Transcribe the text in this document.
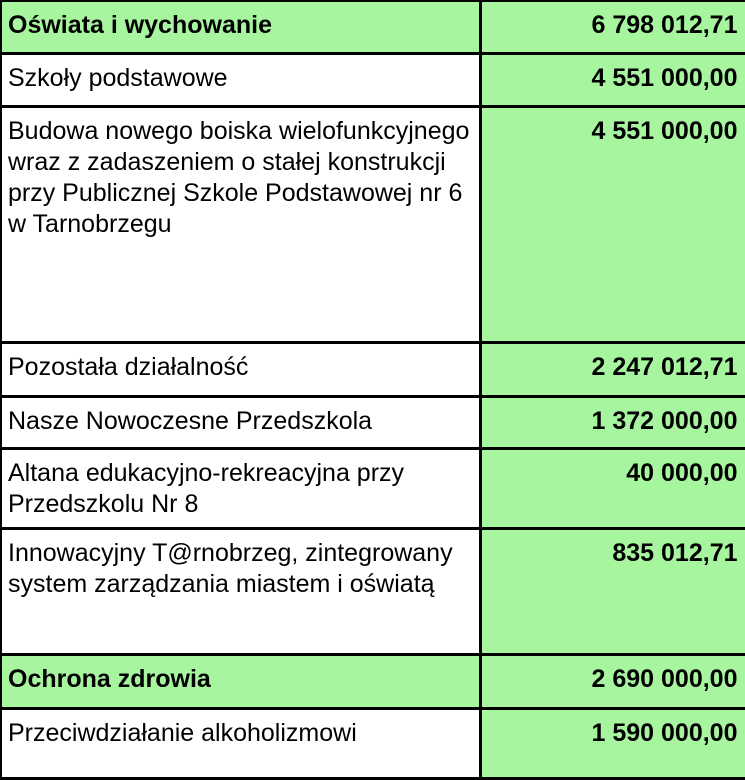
Oświata i wychowanie	6 798 012,71
Szkoły podstawowe	4 551 000,00
Budowa nowego boiska wielofunkcyjnego wraz z zadaszeniem o stałej konstrukcji przy Publicznej Szkole Podstawowej nr 6 w Tarnobrzegu	4 551 000,00
Pozostała działalność	2 247 012,71
Nasze Nowoczesne Przedszkola	1 372 000,00
Altana edukacyjno-rekreacyjna przy Przedszkolu Nr 8	40 000,00
Innowacyjny T@rnobrzeg, zintegrowany system zarządzania miastem i oświatą	835 012,71
Ochrona zdrowia	2 690 000,00
Przeciwdziałanie alkoholizmowi	1 590 000,00
